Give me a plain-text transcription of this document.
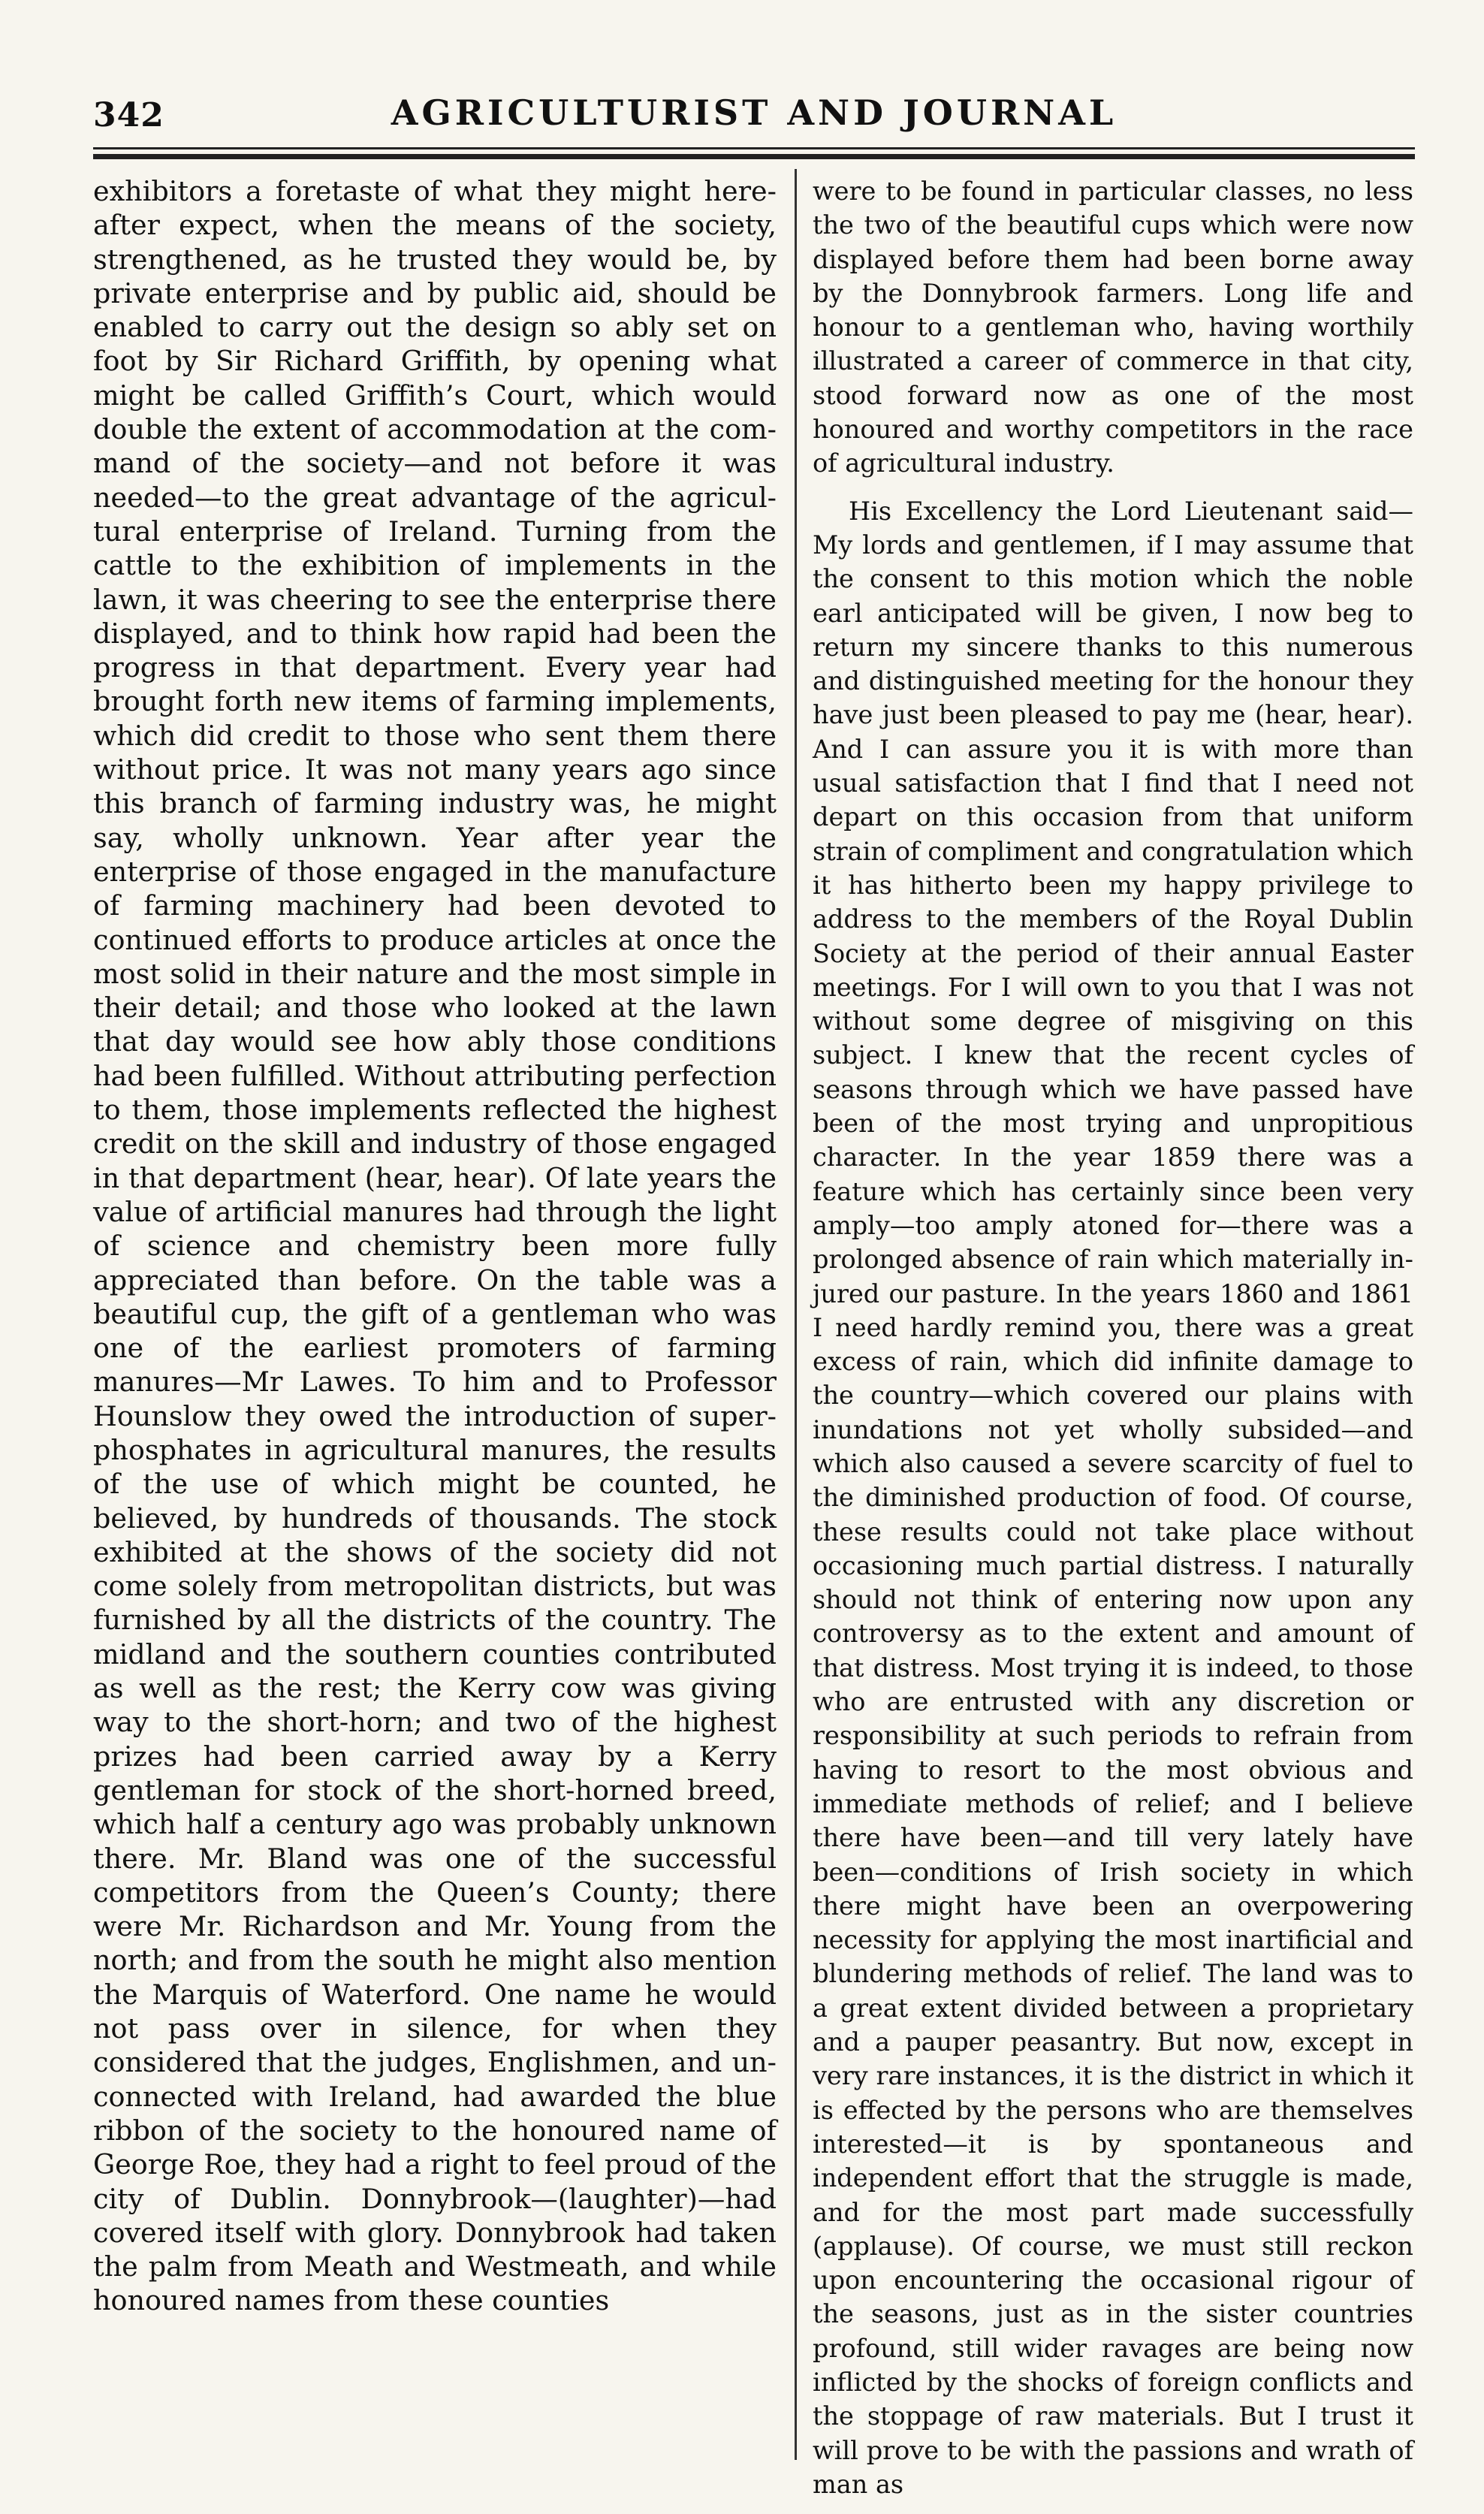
342	AGRICULTURIST AND JOURNAL

exhibitors a foretaste of what they might hereafter expect, when the means of the society, strengthened, as he trusted they would be, by private enterprise and by public aid, should be enabled to carry out the design so ably set on foot by Sir Richard Griffith, by opening what might be called Griffith’s Court, which would double the extent of accommodation at the command of the society—and not before it was needed—to the great advantage of the agricultural enterprise of Ireland. Turning from the cattle to the exhibition of implements in the lawn, it was cheering to see the enterprise there displayed, and to think how rapid had been the progress in that department. Every year had brought forth new items of farming implements, which did credit to those who sent them there without price. It was not many years ago since this branch of farming industry was, he might say, wholly unknown. Year after year the enterprise of those engaged in the manufacture of farming machinery had been devoted to continued efforts to produce articles at once the most solid in their nature and the most simple in their detail; and those who looked at the lawn that day would see how ably those conditions had been fulfilled. Without attributing perfection to them, those implements reflected the highest credit on the skill and industry of those engaged in that department (hear, hear). Of late years the value of artificial manures had through the light of science and chemistry been more fully appreciated than before. On the table was a beautiful cup, the gift of a gentleman who was one of the earliest promoters of farming manures—Mr Lawes. To him and to Professor Hounslow they owed the introduction of super-phosphates in agricultural manures, the results of the use of which might be counted, he believed, by hundreds of thousands. The stock exhibited at the shows of the society did not come solely from metropolitan districts, but was furnished by all the districts of the country. The midland and the southern counties contributed as well as the rest; the Kerry cow was giving way to the short-horn; and two of the highest prizes had been carried away by a Kerry gentleman for stock of the short-horned breed, which half a century ago was probably unknown there. Mr. Bland was one of the successful competitors from the Queen’s County; there were Mr. Richardson and Mr. Young from the north; and from the south he might also mention the Marquis of Waterford. One name he would not pass over in silence, for when they considered that the judges, Englishmen, and unconnected with Ireland, had awarded the blue ribbon of the society to the honoured name of George Roe, they had a right to feel proud of the city of Dublin. Donnybrook—(laughter)—had covered itself with glory. Donnybrook had taken the palm from Meath and Westmeath, and while honoured names from these counties

were to be found in particular classes, no less the two of the beautiful cups which were now displayed before them had been borne away by the Donnybrook farmers. Long life and honour to a gentleman who, having worthily illustrated a career of commerce in that city, stood forward now as one of the most honoured and worthy competitors in the race of agricultural industry.

His Excellency the Lord Lieutenant said—My lords and gentlemen, if I may assume that the consent to this motion which the noble earl anticipated will be given, I now beg to return my sincere thanks to this numerous and distinguished meeting for the honour they have just been pleased to pay me (hear, hear). And I can assure you it is with more than usual satisfaction that I find that I need not depart on this occasion from that uniform strain of compliment and congratulation which it has hitherto been my happy privilege to address to the members of the Royal Dublin Society at the period of their annual Easter meetings. For I will own to you that I was not without some degree of misgiving on this subject. I knew that the recent cycles of seasons through which we have passed have been of the most trying and unpropitious character. In the year 1859 there was a feature which has certainly since been very amply—too amply atoned for—there was a prolonged absence of rain which materially injured our pasture. In the years 1860 and 1861 I need hardly remind you, there was a great excess of rain, which did infinite damage to the country—which covered our plains with inundations not yet wholly subsided—and which also caused a severe scarcity of fuel to the diminished production of food. Of course, these results could not take place without occasioning much partial distress. I naturally should not think of entering now upon any controversy as to the extent and amount of that distress. Most trying it is indeed, to those who are entrusted with any discretion or responsibility at such periods to refrain from having to resort to the most obvious and immediate methods of relief; and I believe there have been—and till very lately have been—conditions of Irish society in which there might have been an overpowering necessity for applying the most inartificial and blundering methods of relief. The land was to a great extent divided between a proprietary and a pauper peasantry. But now, except in very rare instances, it is the district in which it is effected by the persons who are themselves interested—it is by spontaneous and independent effort that the struggle is made, and for the most part made successfully (applause). Of course, we must still reckon upon encountering the occasional rigour of the seasons, just as in the sister countries profound, still wider ravages are being now inflicted by the shocks of foreign conflicts and the stoppage of raw materials. But I trust it will prove to be with the passions and wrath of man as
